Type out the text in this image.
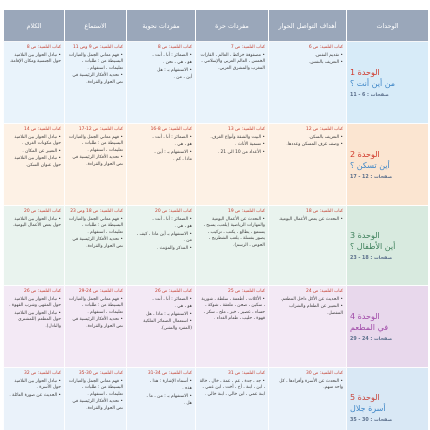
الوحدات
أهداف التواصل الحوار
مفردات حرة
مفردات نحوية
الاستماع
الكلام
الوحدة 1
من أين أنت ؟
صفحات : 6 - 11
كتاب التلميذ: ص 6
• تقديم النفس.
• التعريف بالنفس.
كتاب التلميذ: ص 7
• مصفوفة خرائط ، العالم ، القارات الخمس ، العالم العربي والإسلامي ، المغرب والمشرق العربي.
كتاب التلميذ: ص 8
• الضمائر : أنا ، أنت ،
هو ، هي ، نحن .
• الاستفهام بـ : هل
أين ، من .
كتاب التلميذ: ص 9 وص 11
• فهم معاني الجمل والعبارات البسيطة من : طلبات ، تعليمات ، استفهام .
• تحديد الأفكار الرئيسية في نص الحوار والقراءة.
كتاب التلميذ: ص 8
• تبادل الحوار بين التلاميذ حول الجنسية ومكان الإقامة.
الوحدة 2
أين تسكن ؟
صفحات : 12 - 17
كتاب التلميذ: ص 12
• التعريف بالسكن.
• وصف غرف المسكن وعددها.
كتاب التلميذ: ص 13
• البيت والشقة وأنواع الغرف.
• تسمية الأثاث .
• الأعداد من 10 الى 21 .
كتاب التلميذ: ص 8-16
• الضمائر : أنا ، أنت ،
هو ، هي .
• الاستفهام بـ : أين ،
ماذا ، كم .
كتاب التلميذ: ص 12-17
• فهم معاني الجمل والعبارات البسيطة من : طلبات ، تعليمات ، استفهام .
• تحديد الأفكار الرئيسية في نص الحوار والقراءة.
كتاب التلميذ: ص 14
• تبادل الحوار بين التلاميذ حول مكونات الغرف .
• التعبير عن المكان .
• تبادل الحوار بين التلاميذ حول عنوان السكن.
الوحدة 3
أين الأطفال ؟
صفحات : 18 - 23
كتاب التلميذ: ص 18
• التحدث عن بعض الأعمال اليومية.
كتاب التلميذ: ص 19
• التحدث عن الأعمال اليومية والمهارات الرياضية (يلعب، يسبح ، يستمع ، يطالع ، يكتب ، تركيب ، يصور بفسلة ، يلعب الشطرنج ، الحوض ، الرسم).
كتاب التلميذ: ص 20
• الضمائر : أنا ، أنت ،
هو ، هي .
• الاستفهام بـ أين ماذا ، كيف ، من .
• المذكر والمؤنث .
كتاب التلميذ: ص 18 وص 23
• فهم معاني الجمل والعبارات البسيطة من : طلبات ، تعليمات ، استفهام .
• تحديد الأفكار الرئيسية في نص الحوار والقراءة.
كتاب التلميذ: ص 20
• تبادل الحوار بين التلاميذ حول بعض الأعمال اليومية.
الوحدة 4
في المطعم
صفحات : 24 - 29
كتاب التلميذ: ص 24
• الحديث عن الأكل داخل المطعم.
• التعبير عن الطعام والشراب المفضل.
كتاب التلميذ: ص 25
• الأكلات ، أطعمة ، سلطة ، شوربة ، سكين ، صحن ، ملعقة ، شوكة ، حساء ، عصير ، خبز ، ملح ، سكر ، قهوة ، حليب ، طعام الغداء .
كتاب التلميذ: ص 26
• الضمائر : أنا ، أنت ،
هو ، هي .
• الاستفهام بـ : ماذا ، هل
• استعمال الضمائر الملكية (المفرد والمثنى).
كتاب التلميذ: ص 24-29
• فهم معاني الجمل والعبارات البسيطة من : طلبات ، تعليمات ، استفهام .
• تحديد الأفكار الرئيسية في نص الحوار والقراءة.
كتاب التلميذ: ص 26
• تبادل الحوار بين التلاميذ حول المقهى وشرب القهوة .
• تبادل الحوار بين التلاميذ حول المطعم (للمشتري والنادل).
الوحدة 5
أسرة جلال
صفحات : 30 - 35
كتاب التلميذ: ص 30
• التحدث عن الأسرة وأفرادها ، كل واحد منهم.
كتاب التلميذ: ص 31
• جد ، جدة ، عم ، عمة ، خال ، خالة ، ابن ، ابنة ، أخ ، أخت ، ابن عمي ، ابنة عمي ، ابن خالي ، ابنة خالي .
كتاب التلميذ: ص 34-31
• أسماء الإشارة : هذا ،
هذه .
• الاستفهام بـ : من ، ما ،
هل .
كتاب التلميذ: ص 30-35
• فهم معاني الجمل والعبارات البسيطة من : طلبات ، تعليمات ، استفهام .
• تحديد الأفكار الرئيسية في نص الحوار والقراءة.
كتاب التلميذ: ص 32
• تبادل الحوار بين التلاميذ حول الأسرة .
• الحديث عن صورة العائلة .
